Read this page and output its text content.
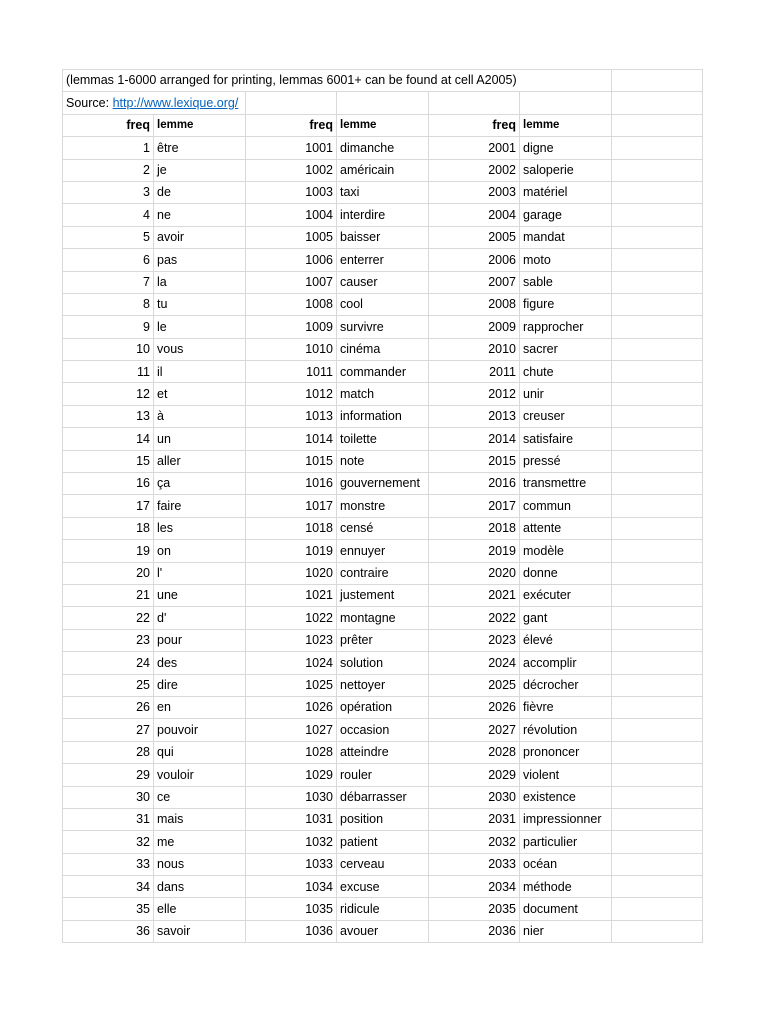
(lemmas 1-6000 arranged for printing, lemmas 6001+ can be found at cell A2005)						
Source: http://www.lexique.org/						
freq	lemme	freq	lemme	freq	lemme	
1	être	1001	dimanche	2001	digne	
2	je	1002	américain	2002	saloperie	
3	de	1003	taxi	2003	matériel	
4	ne	1004	interdire	2004	garage	
5	avoir	1005	baisser	2005	mandat	
6	pas	1006	enterrer	2006	moto	
7	la	1007	causer	2007	sable	
8	tu	1008	cool	2008	figure	
9	le	1009	survivre	2009	rapprocher	
10	vous	1010	cinéma	2010	sacrer	
11	il	1011	commander	2011	chute	
12	et	1012	match	2012	unir	
13	à	1013	information	2013	creuser	
14	un	1014	toilette	2014	satisfaire	
15	aller	1015	note	2015	pressé	
16	ça	1016	gouvernement	2016	transmettre	
17	faire	1017	monstre	2017	commun	
18	les	1018	censé	2018	attente	
19	on	1019	ennuyer	2019	modèle	
20	l'	1020	contraire	2020	donne	
21	une	1021	justement	2021	exécuter	
22	d'	1022	montagne	2022	gant	
23	pour	1023	prêter	2023	élevé	
24	des	1024	solution	2024	accomplir	
25	dire	1025	nettoyer	2025	décrocher	
26	en	1026	opération	2026	fièvre	
27	pouvoir	1027	occasion	2027	révolution	
28	qui	1028	atteindre	2028	prononcer	
29	vouloir	1029	rouler	2029	violent	
30	ce	1030	débarrasser	2030	existence	
31	mais	1031	position	2031	impressionner	
32	me	1032	patient	2032	particulier	
33	nous	1033	cerveau	2033	océan	
34	dans	1034	excuse	2034	méthode	
35	elle	1035	ridicule	2035	document	
36	savoir	1036	avouer	2036	nier	
